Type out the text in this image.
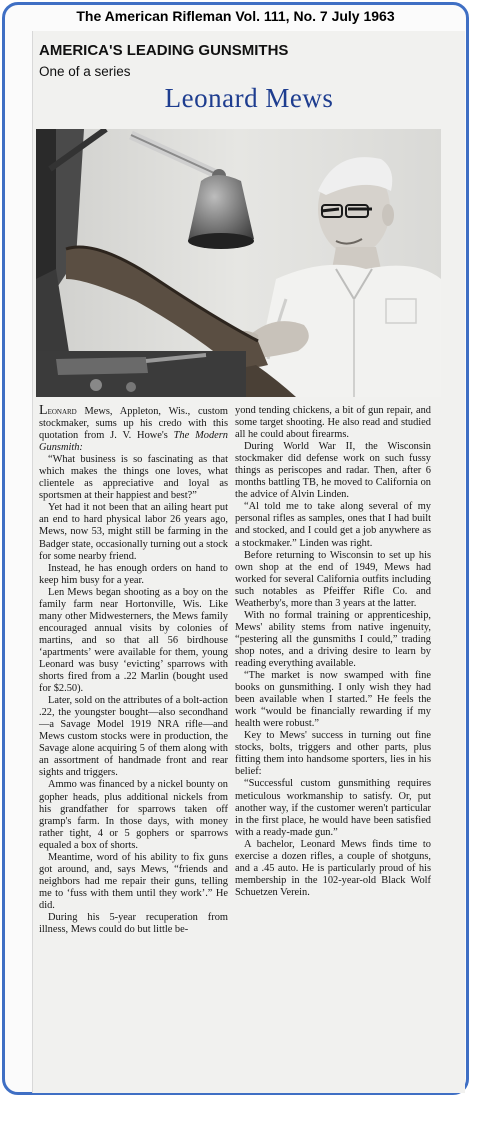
The American Rifleman Vol. 111, No. 7 July 1963
AMERICA'S LEADING GUNSMITHS
One of a series
Leonard Mews

Leonard Mews, Appleton, Wis., custom stockmaker, sums up his credo with this quotation from J. V. Howe's The Modern Gunsmith:

“What business is so fascinating as that which makes the things one loves, what clientele as appreciative and loyal as sportsmen at their happiest and best?”

Yet had it not been that an ailing heart put an end to hard physical labor 26 years ago, Mews, now 53, might still be farming in the Badger state, occasionally turning out a stock for some nearby friend.

Instead, he has enough orders on hand to keep him busy for a year.

Len Mews began shooting as a boy on the family farm near Hortonville, Wis. Like many other Midwesterners, the Mews family encouraged annual visits by colonies of martins, and so that all 56 birdhouse ‘apartments’ were available for them, young Leonard was busy ‘evicting’ sparrows with shorts fired from a .22 Marlin (bought used for $2.50).

Later, sold on the attributes of a bolt-action .22, the youngster bought—also secondhand—a Savage Model 1919 NRA rifle—and Mews custom stocks were in production, the Savage alone acquiring 5 of them along with an assortment of handmade front and rear sights and triggers.

Ammo was financed by a nickel bounty on gopher heads, plus additional nickels from his grandfather for sparrows taken off gramp's farm. In those days, with money rather tight, 4 or 5 gophers or sparrows equaled a box of shorts.

Meantime, word of his ability to fix guns got around, and, says Mews, “friends and neighbors had me repair their guns, telling me to ‘fuss with them until they work’.” He did.

During his 5-year recuperation from illness, Mews could do but little be-

yond tending chickens, a bit of gun repair, and some target shooting. He also read and studied all he could about firearms.

During World War II, the Wisconsin stockmaker did defense work on such fussy things as periscopes and radar. Then, after 6 months battling TB, he moved to California on the advice of Alvin Linden.

“Al told me to take along several of my personal rifles as samples, ones that I had built and stocked, and I could get a job anywhere as a stockmaker.” Linden was right.

Before returning to Wisconsin to set up his own shop at the end of 1949, Mews had worked for several California outfits including such notables as Pfeiffer Rifle Co. and Weatherby's, more than 3 years at the latter.

With no formal training or apprenticeship, Mews' ability stems from native ingenuity, “pestering all the gunsmiths I could,” trading shop notes, and a driving desire to learn by reading everything available.

“The market is now swamped with fine books on gunsmithing. I only wish they had been available when I started.” He feels the work “would be financially rewarding if my health were robust.”

Key to Mews' success in turning out fine stocks, bolts, triggers and other parts, plus fitting them into handsome sporters, lies in his belief:

“Successful custom gunsmithing requires meticulous workmanship to satisfy. Or, put another way, if the customer weren't particular in the first place, he would have been satisfied with a ready-made gun.”

A bachelor, Leonard Mews finds time to exercise a dozen rifles, a couple of shotguns, and a .45 auto. He is particularly proud of his membership in the 102-year-old Black Wolf Schuetzen Verein.
